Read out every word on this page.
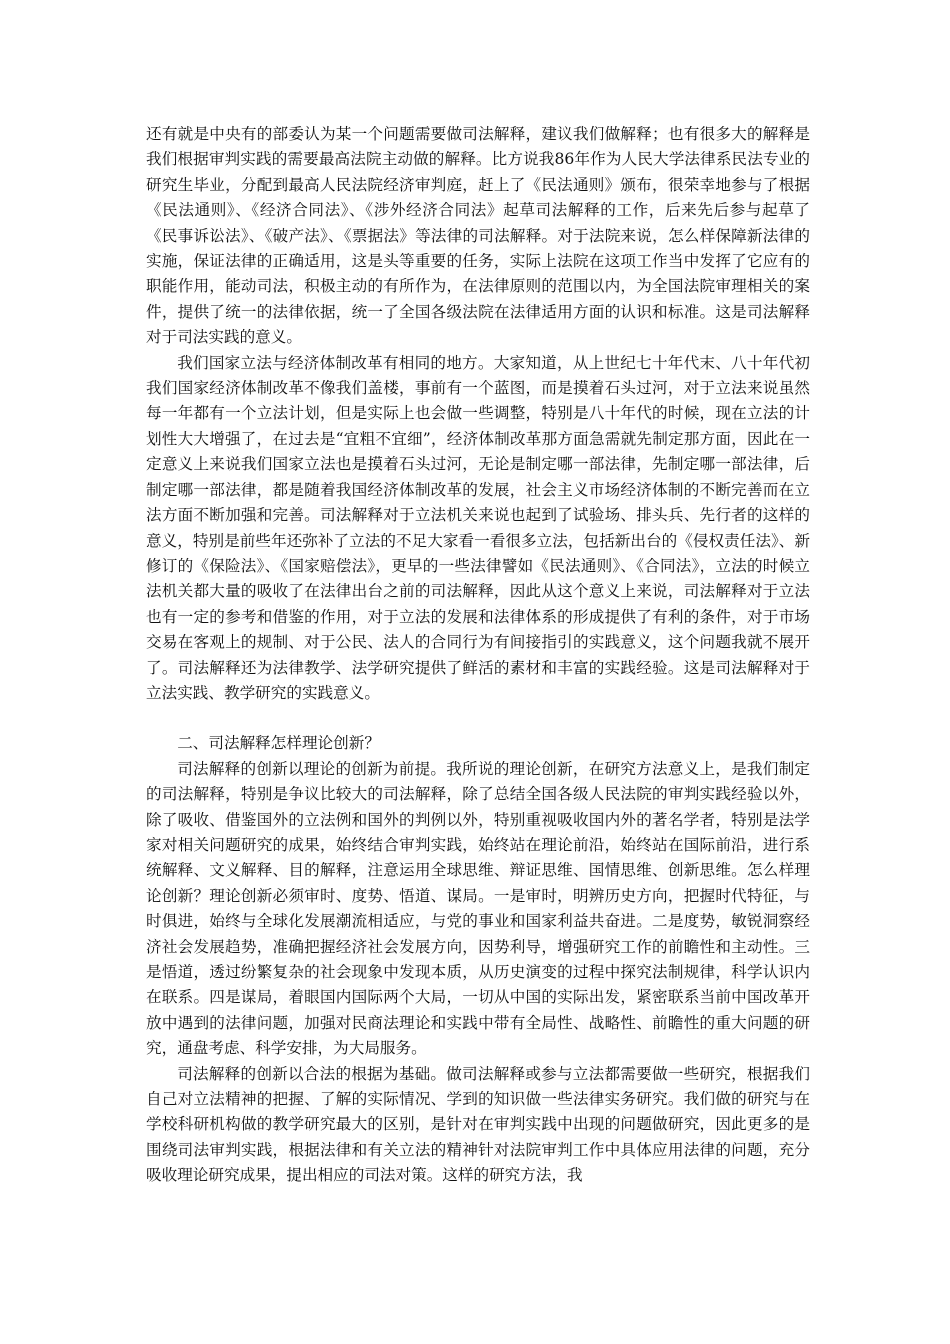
还有就是中央有的部委认为某一个问题需要做司法解释，建议我们做解释；也有很多大的解释是我们根据审判实践的需要最高法院主动做的解释。比方说我86年作为人民大学法律系民法专业的研究生毕业，分配到最高人民法院经济审判庭，赶上了《民法通则》颁布，很荣幸地参与了根据《民法通则》、《经济合同法》、《涉外经济合同法》起草司法解释的工作，后来先后参与起草了《民事诉讼法》、《破产法》、《票据法》等法律的司法解释。对于法院来说，怎么样保障新法律的实施，保证法律的正确适用，这是头等重要的任务，实际上法院在这项工作当中发挥了它应有的职能作用，能动司法，积极主动的有所作为，在法律原则的范围以内，为全国法院审理相关的案件，提供了统一的法律依据，统一了全国各级法院在法律适用方面的认识和标准。这是司法解释对于司法实践的意义。

我们国家立法与经济体制改革有相同的地方。大家知道，从上世纪七十年代末、八十年代初我们国家经济体制改革不像我们盖楼，事前有一个蓝图，而是摸着石头过河，对于立法来说虽然每一年都有一个立法计划，但是实际上也会做一些调整，特别是八十年代的时候，现在立法的计划性大大增强了，在过去是“宜粗不宜细”，经济体制改革那方面急需就先制定那方面，因此在一定意义上来说我们国家立法也是摸着石头过河，无论是制定哪一部法律，先制定哪一部法律，后制定哪一部法律，都是随着我国经济体制改革的发展，社会主义市场经济体制的不断完善而在立法方面不断加强和完善。司法解释对于立法机关来说也起到了试验场、排头兵、先行者的这样的意义，特别是前些年还弥补了立法的不足大家看一看很多立法，包括新出台的《侵权责任法》、新修订的《保险法》、《国家赔偿法》，更早的一些法律譬如《民法通则》、《合同法》，立法的时候立法机关都大量的吸收了在法律出台之前的司法解释，因此从这个意义上来说，司法解释对于立法也有一定的参考和借鉴的作用，对于立法的发展和法律体系的形成提供了有利的条件，对于市场交易在客观上的规制、对于公民、法人的合同行为有间接指引的实践意义，这个问题我就不展开了。司法解释还为法律教学、法学研究提供了鲜活的素材和丰富的实践经验。这是司法解释对于立法实践、教学研究的实践意义。

二、司法解释怎样理论创新？

司法解释的创新以理论的创新为前提。我所说的理论创新，在研究方法意义上，是我们制定的司法解释，特别是争议比较大的司法解释，除了总结全国各级人民法院的审判实践经验以外，除了吸收、借鉴国外的立法例和国外的判例以外，特别重视吸收国内外的著名学者，特别是法学家对相关问题研究的成果，始终结合审判实践，始终站在理论前沿，始终站在国际前沿，进行系统解释、文义解释、目的解释，注意运用全球思维、辩证思维、国情思维、创新思维。怎么样理论创新？理论创新必须审时、度势、悟道、谋局。一是审时，明辨历史方向，把握时代特征，与时俱进，始终与全球化发展潮流相适应，与党的事业和国家利益共奋进。二是度势，敏锐洞察经济社会发展趋势，准确把握经济社会发展方向，因势利导，增强研究工作的前瞻性和主动性。三是悟道，透过纷繁复杂的社会现象中发现本质，从历史演变的过程中探究法制规律，科学认识内在联系。四是谋局，着眼国内国际两个大局，一切从中国的实际出发，紧密联系当前中国改革开放中遇到的法律问题，加强对民商法理论和实践中带有全局性、战略性、前瞻性的重大问题的研究，通盘考虑、科学安排，为大局服务。

司法解释的创新以合法的根据为基础。做司法解释或参与立法都需要做一些研究，根据我们自己对立法精神的把握、了解的实际情况、学到的知识做一些法律实务研究。我们做的研究与在学校科研机构做的教学研究最大的区别，是针对在审判实践中出现的问题做研究，因此更多的是围绕司法审判实践，根据法律和有关立法的精神针对法院审判工作中具体应用法律的问题，充分吸收理论研究成果，提出相应的司法对策。这样的研究方法，我
